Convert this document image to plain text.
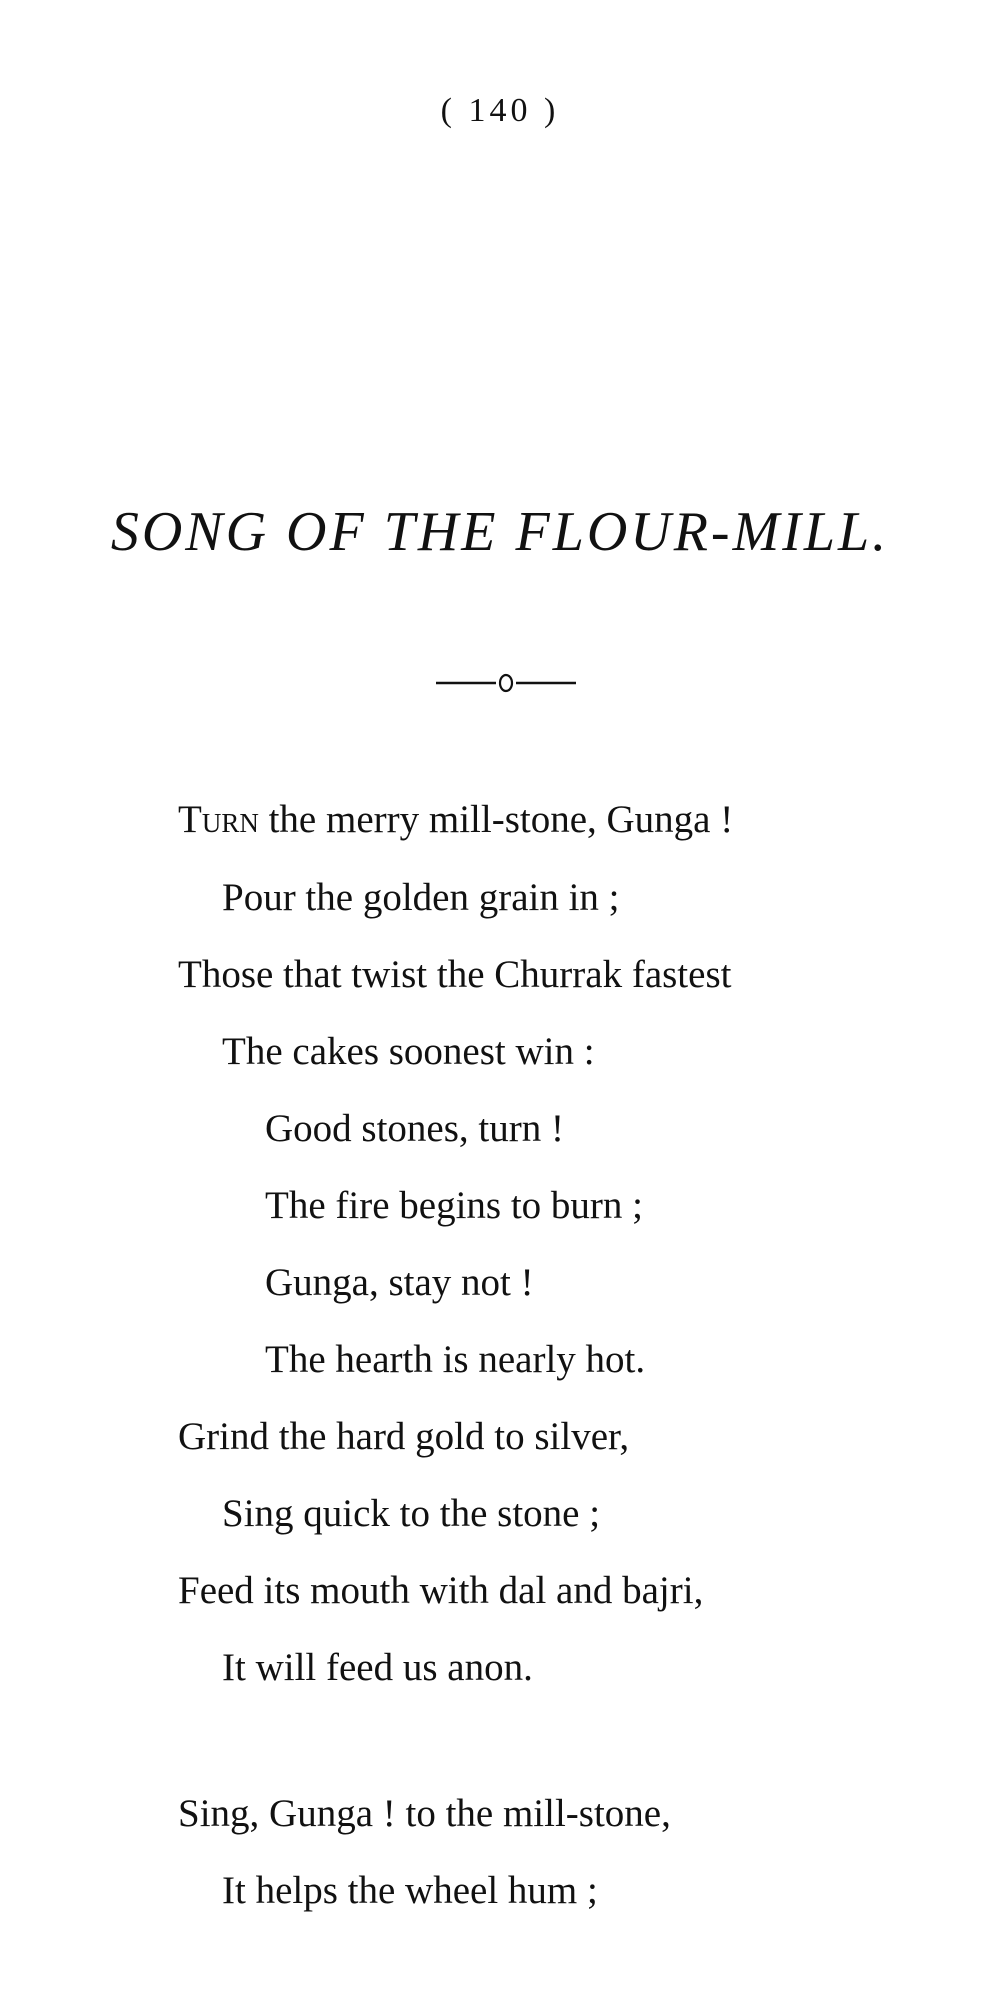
( 140 )
SONG OF THE FLOUR-MILL.
Turn the merry mill-stone, Gunga !
Pour the golden grain in ;
Those that twist the Churrak fastest
The cakes soonest win :
Good stones, turn !
The fire begins to burn ;
Gunga, stay not !
The hearth is nearly hot.
Grind the hard gold to silver,
Sing quick to the stone ;
Feed its mouth with dal and bajri,
It will feed us anon.
Sing, Gunga ! to the mill-stone,
It helps the wheel hum ;
